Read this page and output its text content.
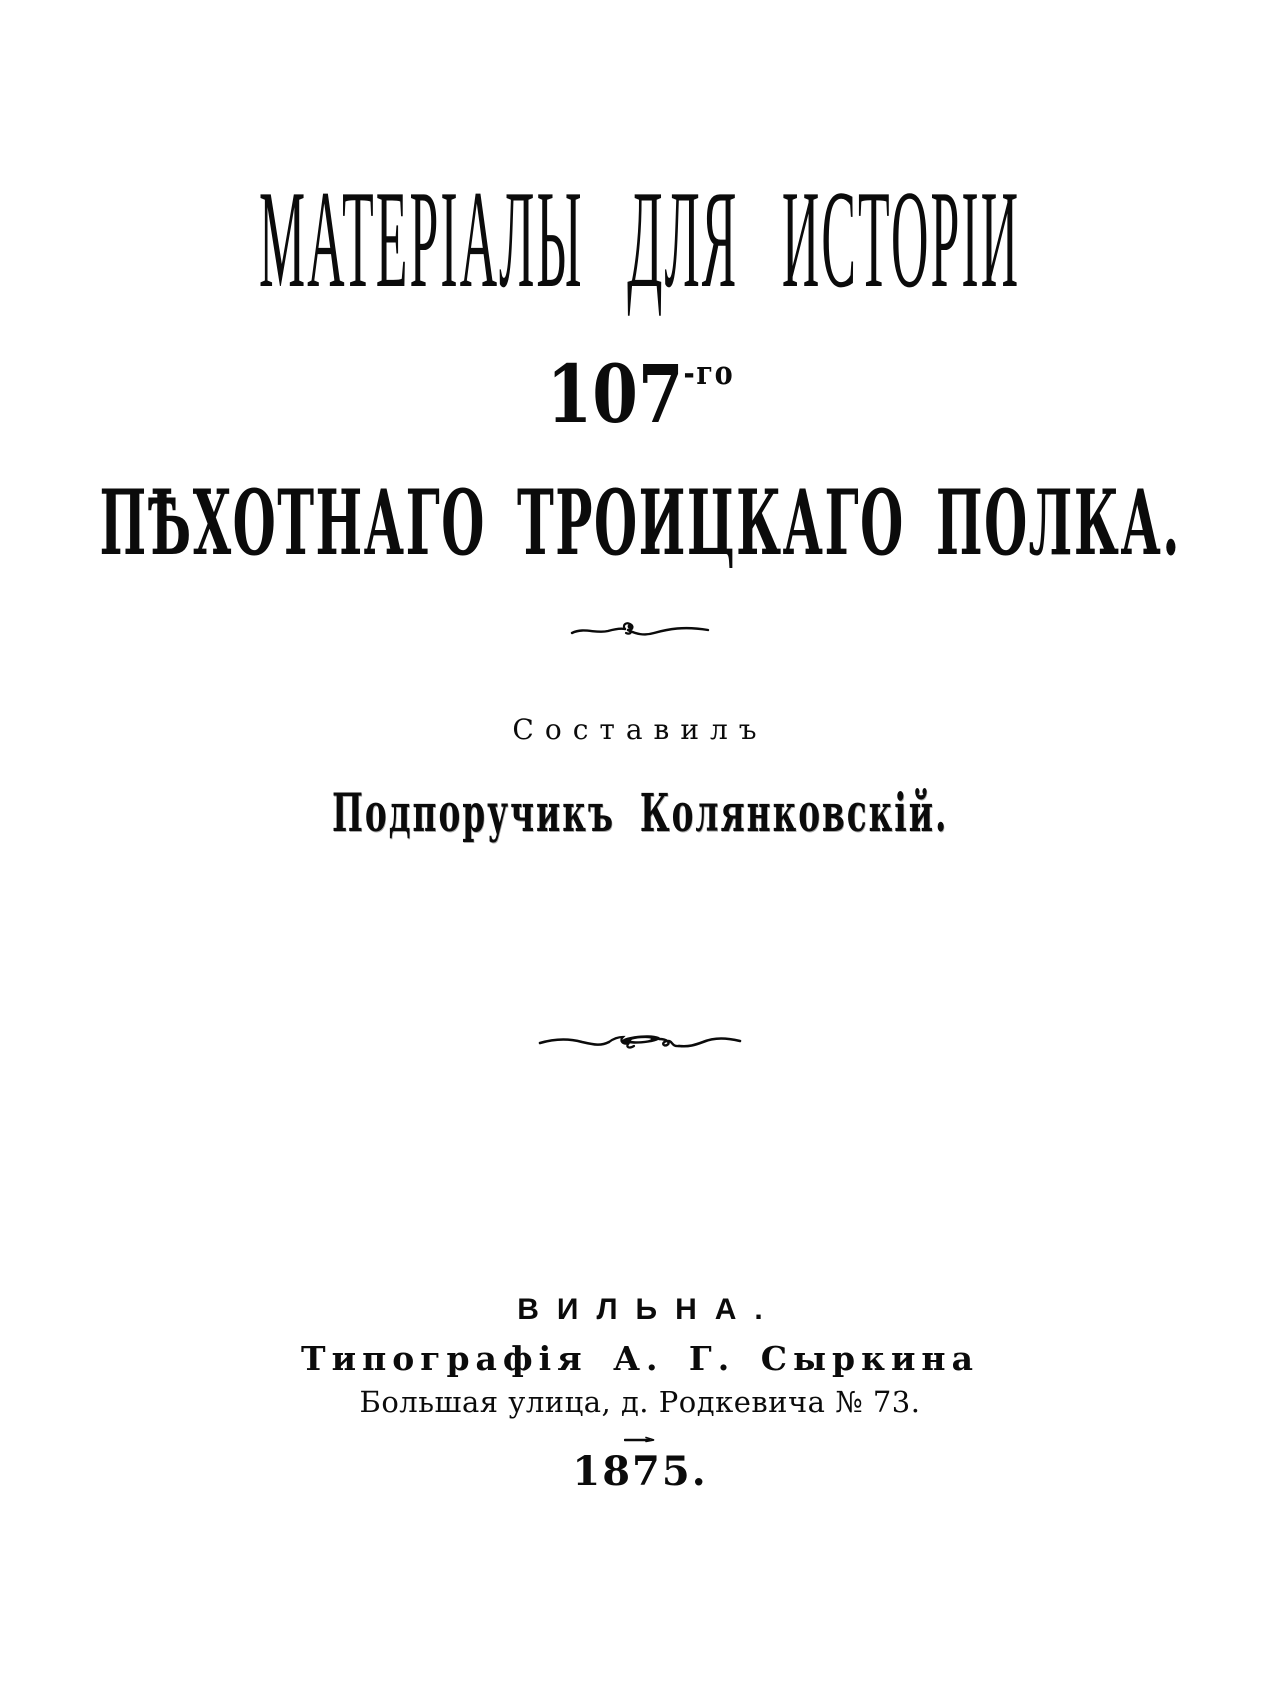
МАТЕРІАЛЫ ДЛЯ ИСТОРІИ
107-го
ПѢХОТНАГО ТРОИЦКАГО ПОЛКА.
Составилъ
Подпоручикъ Колянковскій.
ВИЛЬНА.
Типографія А. Г. Сыркина
Большая улица, д. Родкевича № 73.
1875.
